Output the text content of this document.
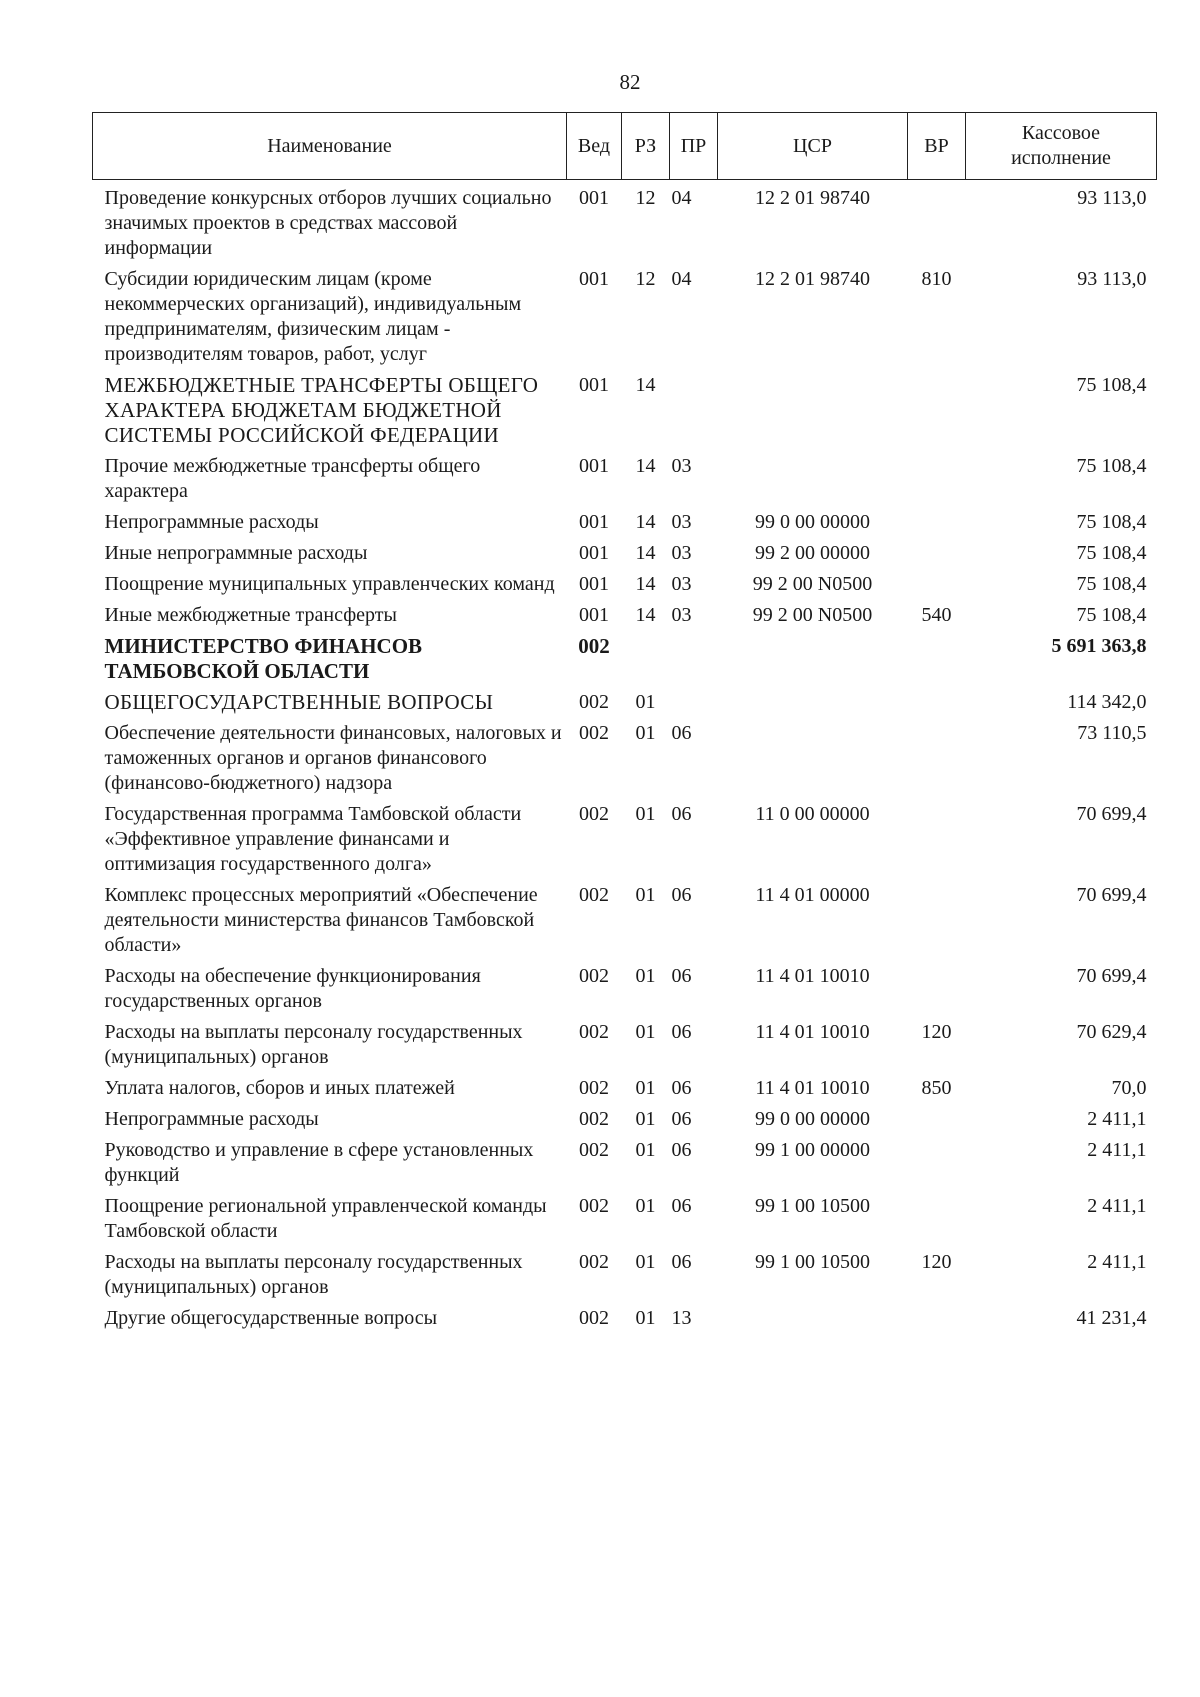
82
Наименование	Вед	РЗ	ПР	ЦСР	ВР	Кассовое исполнение
Проведение конкурсных отборов лучших социально значимых проектов в средствах массовой информации	001	12	04	12 2 01 98740		93 113,0
Субсидии юридическим лицам (кроме некоммерческих организаций), индивидуальным предпринимателям, физическим лицам - производителям товаров, работ, услуг	001	12	04	12 2 01 98740	810	93 113,0
МЕЖБЮДЖЕТНЫЕ ТРАНСФЕРТЫ ОБЩЕГО ХАРАКТЕРА БЮДЖЕТАМ БЮДЖЕТНОЙ СИСТЕМЫ РОССИЙСКОЙ ФЕДЕРАЦИИ	001	14				75 108,4
Прочие межбюджетные трансферты общего характера	001	14	03			75 108,4
Непрограммные расходы	001	14	03	99 0 00 00000		75 108,4
Иные непрограммные расходы	001	14	03	99 2 00 00000		75 108,4
Поощрение муниципальных управленческих команд	001	14	03	99 2 00 N0500		75 108,4
Иные межбюджетные трансферты	001	14	03	99 2 00 N0500	540	75 108,4
МИНИСТЕРСТВО ФИНАНСОВ ТАМБОВСКОЙ ОБЛАСТИ	002					5 691 363,8
ОБЩЕГОСУДАРСТВЕННЫЕ ВОПРОСЫ	002	01				114 342,0
Обеспечение деятельности финансовых, налоговых и таможенных органов и органов финансового (финансово-бюджетного) надзора	002	01	06			73 110,5
Государственная программа Тамбовской области «Эффективное управление финансами и оптимизация государственного долга»	002	01	06	11 0 00 00000		70 699,4
Комплекс процессных мероприятий «Обеспечение деятельности министерства финансов Тамбовской области»	002	01	06	11 4 01 00000		70 699,4
Расходы на обеспечение функционирования государственных органов	002	01	06	11 4 01 10010		70 699,4
Расходы на выплаты персоналу государственных (муниципальных) органов	002	01	06	11 4 01 10010	120	70 629,4
Уплата налогов, сборов и иных платежей	002	01	06	11 4 01 10010	850	70,0
Непрограммные расходы	002	01	06	99 0 00 00000		2 411,1
Руководство и управление в сфере установленных функций	002	01	06	99 1 00 00000		2 411,1
Поощрение региональной управленческой команды Тамбовской области	002	01	06	99 1 00 10500		2 411,1
Расходы на выплаты персоналу государственных (муниципальных) органов	002	01	06	99 1 00 10500	120	2 411,1
Другие общегосударственные вопросы	002	01	13			41 231,4
